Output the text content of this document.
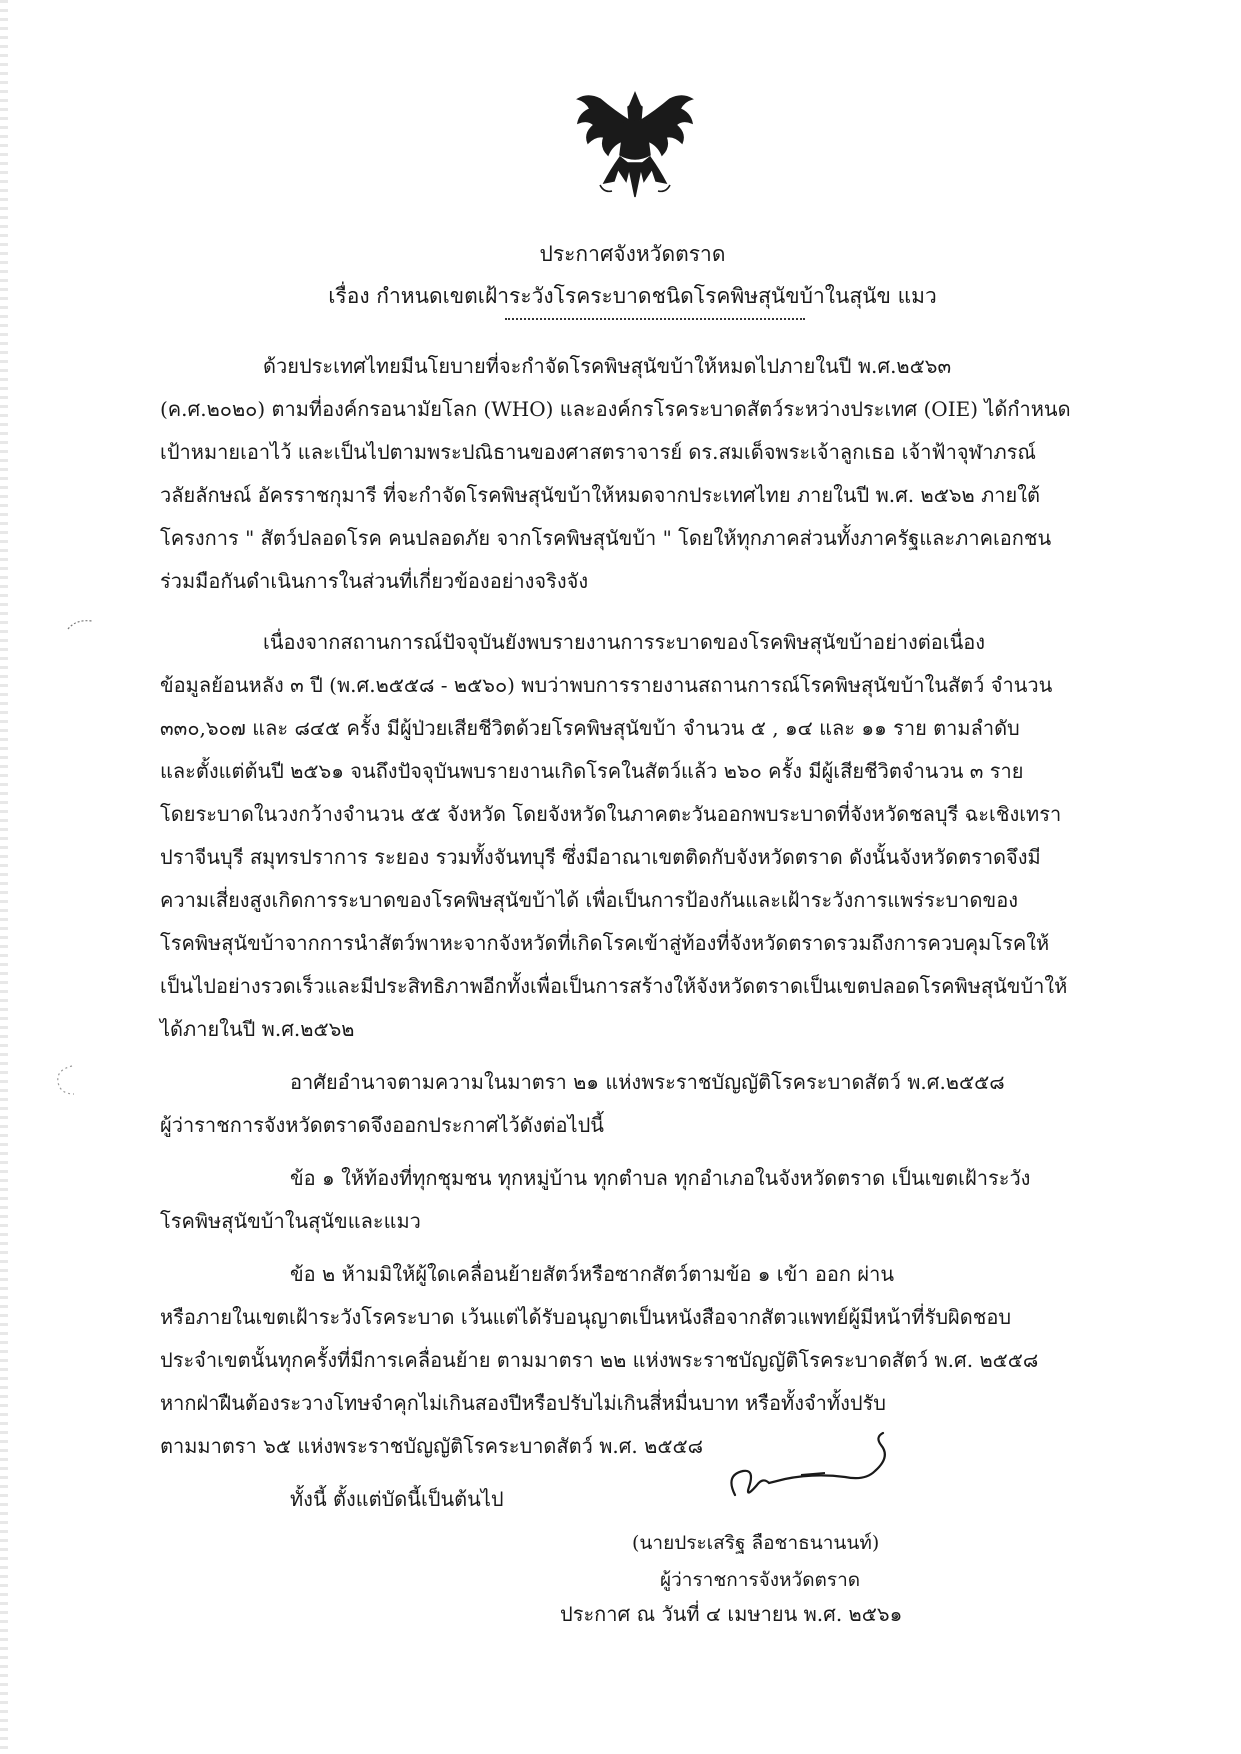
ประกาศจังหวัดตราด
เรื่อง กำหนดเขตเฝ้าระวังโรคระบาดชนิดโรคพิษสุนัขบ้าในสุนัข แมว
ด้วยประเทศไทยมีนโยบายที่จะกำจัดโรคพิษสุนัขบ้าให้หมดไปภายในปี พ.ศ.๒๕๖๓
(ค.ศ.๒๐๒๐) ตามที่องค์กรอนามัยโลก (WHO) และองค์กรโรคระบาดสัตว์ระหว่างประเทศ (OIE) ได้กำหนด
เป้าหมายเอาไว้ และเป็นไปตามพระปณิธานของศาสตราจารย์ ดร.สมเด็จพระเจ้าลูกเธอ เจ้าฟ้าจุฬาภรณ์
วลัยลักษณ์ อัครราชกุมารี ที่จะกำจัดโรคพิษสุนัขบ้าให้หมดจากประเทศไทย ภายในปี พ.ศ. ๒๕๖๒ ภายใต้
โครงการ " สัตว์ปลอดโรค คนปลอดภัย จากโรคพิษสุนัขบ้า " โดยให้ทุกภาคส่วนทั้งภาครัฐและภาคเอกชน
ร่วมมือกันดำเนินการในส่วนที่เกี่ยวข้องอย่างจริงจัง
เนื่องจากสถานการณ์ปัจจุบันยังพบรายงานการระบาดของโรคพิษสุนัขบ้าอย่างต่อเนื่อง
ข้อมูลย้อนหลัง ๓ ปี (พ.ศ.๒๕๕๘ - ๒๕๖๐) พบว่าพบการรายงานสถานการณ์โรคพิษสุนัขบ้าในสัตว์ จำนวน
๓๓๐,๖๐๗ และ ๘๔๕ ครั้ง มีผู้ป่วยเสียชีวิตด้วยโรคพิษสุนัขบ้า จำนวน ๕ , ๑๔ และ ๑๑ ราย ตามลำดับ
และตั้งแต่ต้นปี ๒๕๖๑ จนถึงปัจจุบันพบรายงานเกิดโรคในสัตว์แล้ว ๒๖๐ ครั้ง มีผู้เสียชีวิตจำนวน ๓ ราย
โดยระบาดในวงกว้างจำนวน ๕๕ จังหวัด โดยจังหวัดในภาคตะวันออกพบระบาดที่จังหวัดชลบุรี ฉะเชิงเทรา
ปราจีนบุรี สมุทรปราการ ระยอง รวมทั้งจันทบุรี ซึ่งมีอาณาเขตติดกับจังหวัดตราด ดังนั้นจังหวัดตราดจึงมี
ความเสี่ยงสูงเกิดการระบาดของโรคพิษสุนัขบ้าได้ เพื่อเป็นการป้องกันและเฝ้าระวังการแพร่ระบาดของ
โรคพิษสุนัขบ้าจากการนำสัตว์พาหะจากจังหวัดที่เกิดโรคเข้าสู่ท้องที่จังหวัดตราดรวมถึงการควบคุมโรคให้
เป็นไปอย่างรวดเร็วและมีประสิทธิภาพอีกทั้งเพื่อเป็นการสร้างให้จังหวัดตราดเป็นเขตปลอดโรคพิษสุนัขบ้าให้
ได้ภายในปี พ.ศ.๒๕๖๒
อาศัยอำนาจตามความในมาตรา ๒๑ แห่งพระราชบัญญัติโรคระบาดสัตว์ พ.ศ.๒๕๕๘
ผู้ว่าราชการจังหวัดตราดจึงออกประกาศไว้ดังต่อไปนี้
ข้อ ๑ ให้ท้องที่ทุกชุมชน ทุกหมู่บ้าน ทุกตำบล ทุกอำเภอในจังหวัดตราด เป็นเขตเฝ้าระวัง
โรคพิษสุนัขบ้าในสุนัขและแมว
ข้อ ๒ ห้ามมิให้ผู้ใดเคลื่อนย้ายสัตว์หรือซากสัตว์ตามข้อ ๑ เข้า ออก ผ่าน
หรือภายในเขตเฝ้าระวังโรคระบาด เว้นแต่ได้รับอนุญาตเป็นหนังสือจากสัตวแพทย์ผู้มีหน้าที่รับผิดชอบ
ประจำเขตนั้นทุกครั้งที่มีการเคลื่อนย้าย ตามมาตรา ๒๒ แห่งพระราชบัญญัติโรคระบาดสัตว์ พ.ศ. ๒๕๕๘
หากฝ่าฝืนต้องระวางโทษจำคุกไม่เกินสองปีหรือปรับไม่เกินสี่หมื่นบาท หรือทั้งจำทั้งปรับ
ตามมาตรา ๖๕ แห่งพระราชบัญญัติโรคระบาดสัตว์ พ.ศ. ๒๕๕๘
ทั้งนี้ ตั้งแต่บัดนี้เป็นต้นไป
ประกาศ ณ วันที่ ๔ เมษายน พ.ศ. ๒๕๖๑
(นายประเสริฐ ลือชาธนานนท์)
ผู้ว่าราชการจังหวัดตราด
